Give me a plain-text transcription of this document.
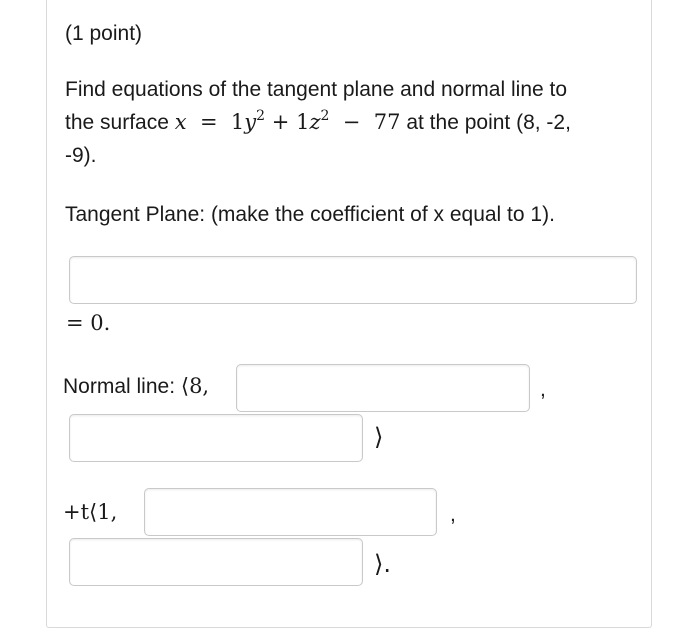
(1 point)
Find equations of the tangent plane and normal line to
the surface $x = 1y^2 + 1z^2 - 77$ at the point (8, -2,
-9).
Tangent Plane: (make the coefficient of x equal to 1).
= 0.
Normal line: ⟨8,	,
⟩
+t⟨1,	,
⟩.
